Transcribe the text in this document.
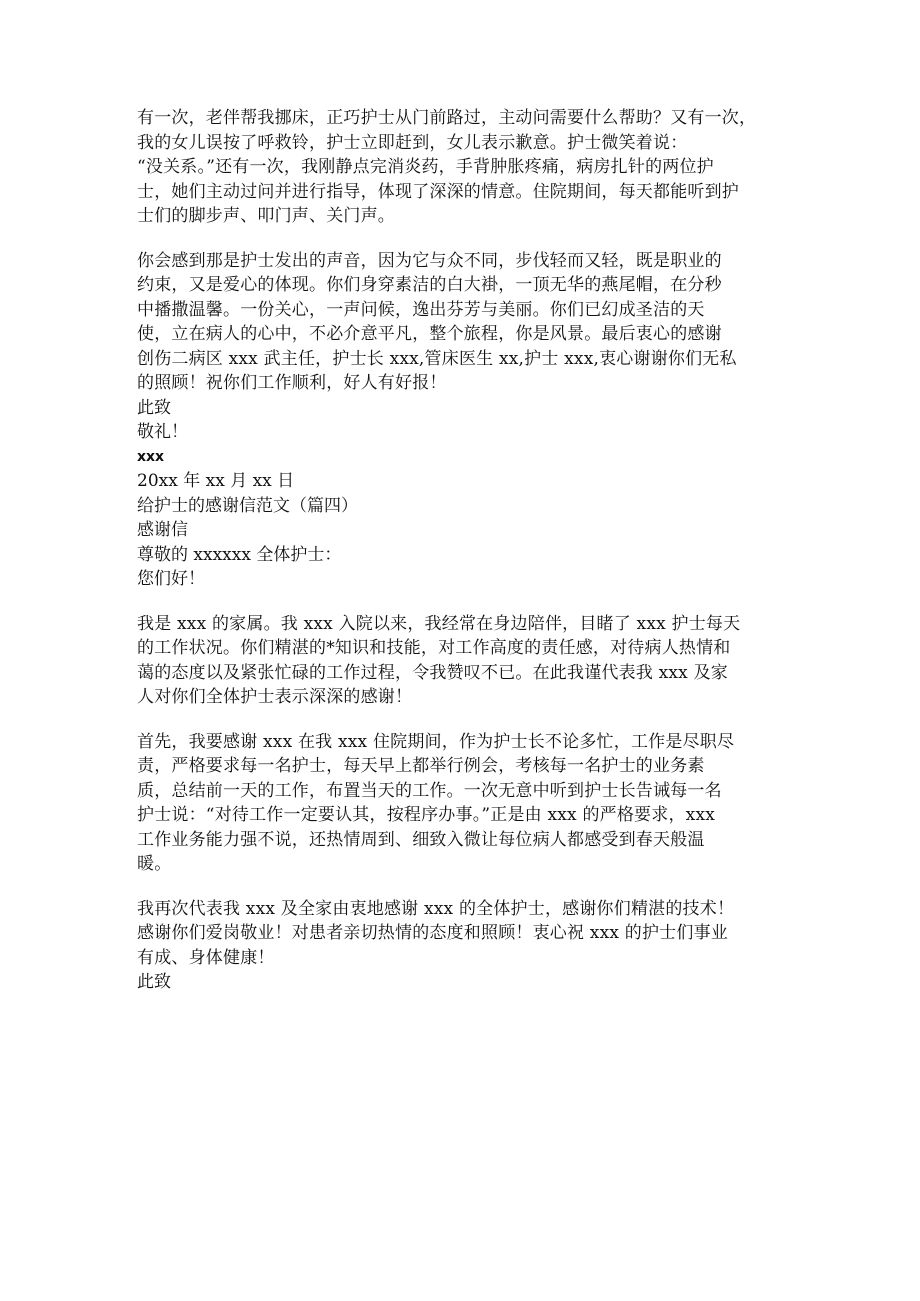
有一次，老伴帮我挪床，正巧护士从门前路过，主动问需要什么帮助？又有一次，
我的女儿误按了呼救铃，护士立即赶到，女儿表示歉意。护士微笑着说：
“没关系。”还有一次，我刚静点完消炎药，手背肿胀疼痛，病房扎针的两位护
士，她们主动过问并进行指导，体现了深深的情意。住院期间，每天都能听到护
士们的脚步声、叩门声、关门声。

你会感到那是护士发出的声音，因为它与众不同，步伐轻而又轻，既是职业的
约束，又是爱心的体现。你们身穿素洁的白大褂，一顶无华的燕尾帽，在分秒
中播撒温馨。一份关心，一声问候，逸出芬芳与美丽。你们已幻成圣洁的天
使，立在病人的心中，不必介意平凡，整个旅程，你是风景。最后衷心的感谢
创伤二病区 xxx 武主任，护士长 xxx,管床医生 xx,护士 xxx,衷心谢谢你们无私
的照顾！祝你们工作顺利，好人有好报！

此致

敬礼！

xxx

20xx 年 xx 月 xx 日

给护士的感谢信范文（篇四）

感谢信

尊敬的 xxxxxx 全体护士：

您们好！

我是 xxx 的家属。我 xxx 入院以来，我经常在身边陪伴，目睹了 xxx 护士每天
的工作状况。你们精湛的*知识和技能，对工作高度的责任感，对待病人热情和
蔼的态度以及紧张忙碌的工作过程，令我赞叹不已。在此我谨代表我 xxx 及家
人对你们全体护士表示深深的感谢！

首先，我要感谢 xxx 在我 xxx 住院期间，作为护士长不论多忙，工作是尽职尽
责，严格要求每一名护士，每天早上都举行例会，考核每一名护士的业务素
质，总结前一天的工作，布置当天的工作。一次无意中听到护士长告诫每一名
护士说：“对待工作一定要认其，按程序办事。”正是由 xxx 的严格要求，xxx
工作业务能力强不说，还热情周到、细致入微让每位病人都感受到春天般温
暖。

我再次代表我 xxx 及全家由衷地感谢 xxx 的全体护士，感谢你们精湛的技术！
感谢你们爱岗敬业！对患者亲切热情的态度和照顾！衷心祝 xxx 的护士们事业
有成、身体健康！

此致
